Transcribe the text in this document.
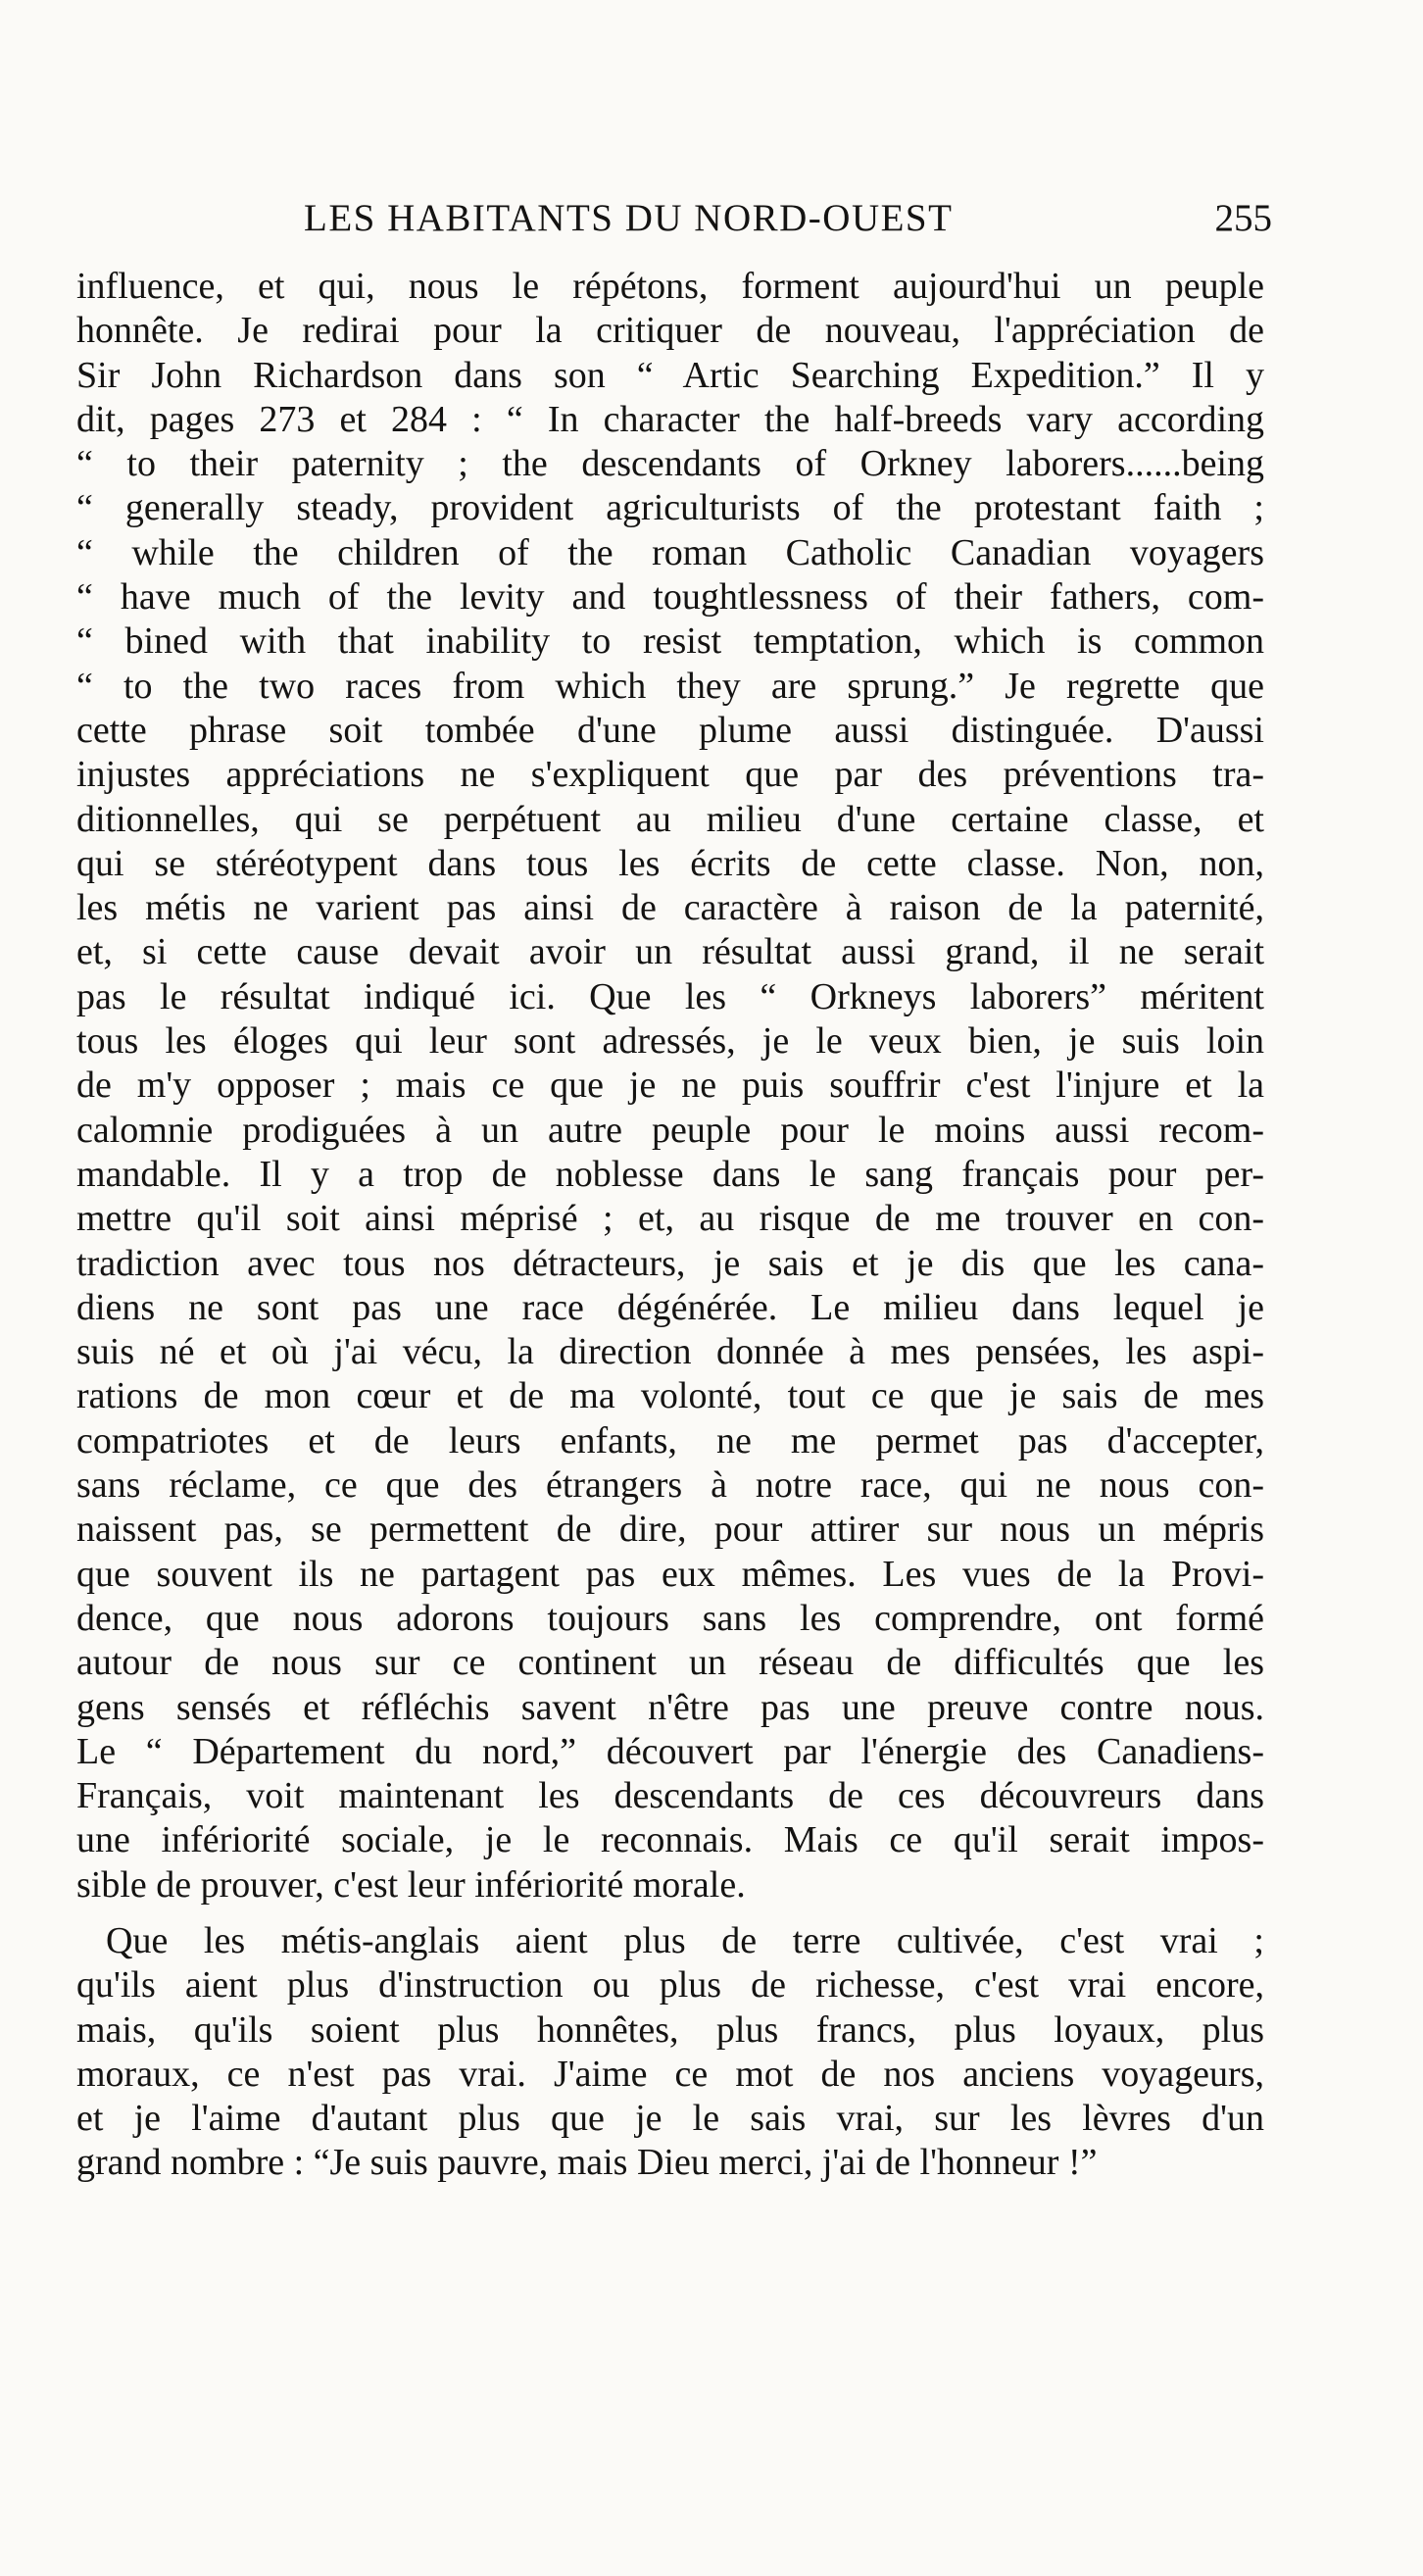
LES HABITANTS DU NORD-OUEST	255
influence, et qui, nous le répétons, forment aujourd'hui un peuple
honnête. Je redirai pour la critiquer de nouveau, l'appréciation de
Sir John Richardson dans son “ Artic Searching Expedition.” Il y
dit, pages 273 et 284 : “ In character the half-breeds vary according
“ to their paternity ; the descendants of Orkney laborers......being
“ generally steady, provident agriculturists of the protestant faith ;
“ while the children of the roman Catholic Canadian voyagers
“ have much of the levity and toughtlessness of their fathers, com-
“ bined with that inability to resist temptation, which is common
“ to the two races from which they are sprung.” Je regrette que
cette phrase soit tombée d'une plume aussi distinguée. D'aussi
injustes appréciations ne s'expliquent que par des préventions tra-
ditionnelles, qui se perpétuent au milieu d'une certaine classe, et
qui se stéréotypent dans tous les écrits de cette classe. Non, non,
les métis ne varient pas ainsi de caractère à raison de la paternité,
et, si cette cause devait avoir un résultat aussi grand, il ne serait
pas le résultat indiqué ici. Que les “ Orkneys laborers” méritent
tous les éloges qui leur sont adressés, je le veux bien, je suis loin
de m'y opposer ; mais ce que je ne puis souffrir c'est l'injure et la
calomnie prodiguées à un autre peuple pour le moins aussi recom-
mandable. Il y a trop de noblesse dans le sang français pour per-
mettre qu'il soit ainsi méprisé ; et, au risque de me trouver en con-
tradiction avec tous nos détracteurs, je sais et je dis que les cana-
diens ne sont pas une race dégénérée. Le milieu dans lequel je
suis né et où j'ai vécu, la direction donnée à mes pensées, les aspi-
rations de mon cœur et de ma volonté, tout ce que je sais de mes
compatriotes et de leurs enfants, ne me permet pas d'accepter,
sans réclame, ce que des étrangers à notre race, qui ne nous con-
naissent pas, se permettent de dire, pour attirer sur nous un mépris
que souvent ils ne partagent pas eux mêmes. Les vues de la Provi-
dence, que nous adorons toujours sans les comprendre, ont formé
autour de nous sur ce continent un réseau de difficultés que les
gens sensés et réfléchis savent n'être pas une preuve contre nous.
Le “ Département du nord,” découvert par l'énergie des Canadiens-
Français, voit maintenant les descendants de ces découvreurs dans
une infériorité sociale, je le reconnais. Mais ce qu'il serait impos-
sible de prouver, c'est leur infériorité morale.
Que les métis-anglais aient plus de terre cultivée, c'est vrai ;
qu'ils aient plus d'instruction ou plus de richesse, c'est vrai encore,
mais, qu'ils soient plus honnêtes, plus francs, plus loyaux, plus
moraux, ce n'est pas vrai. J'aime ce mot de nos anciens voyageurs,
et je l'aime d'autant plus que je le sais vrai, sur les lèvres d'un
grand nombre : “Je suis pauvre, mais Dieu merci, j'ai de l'honneur !”
